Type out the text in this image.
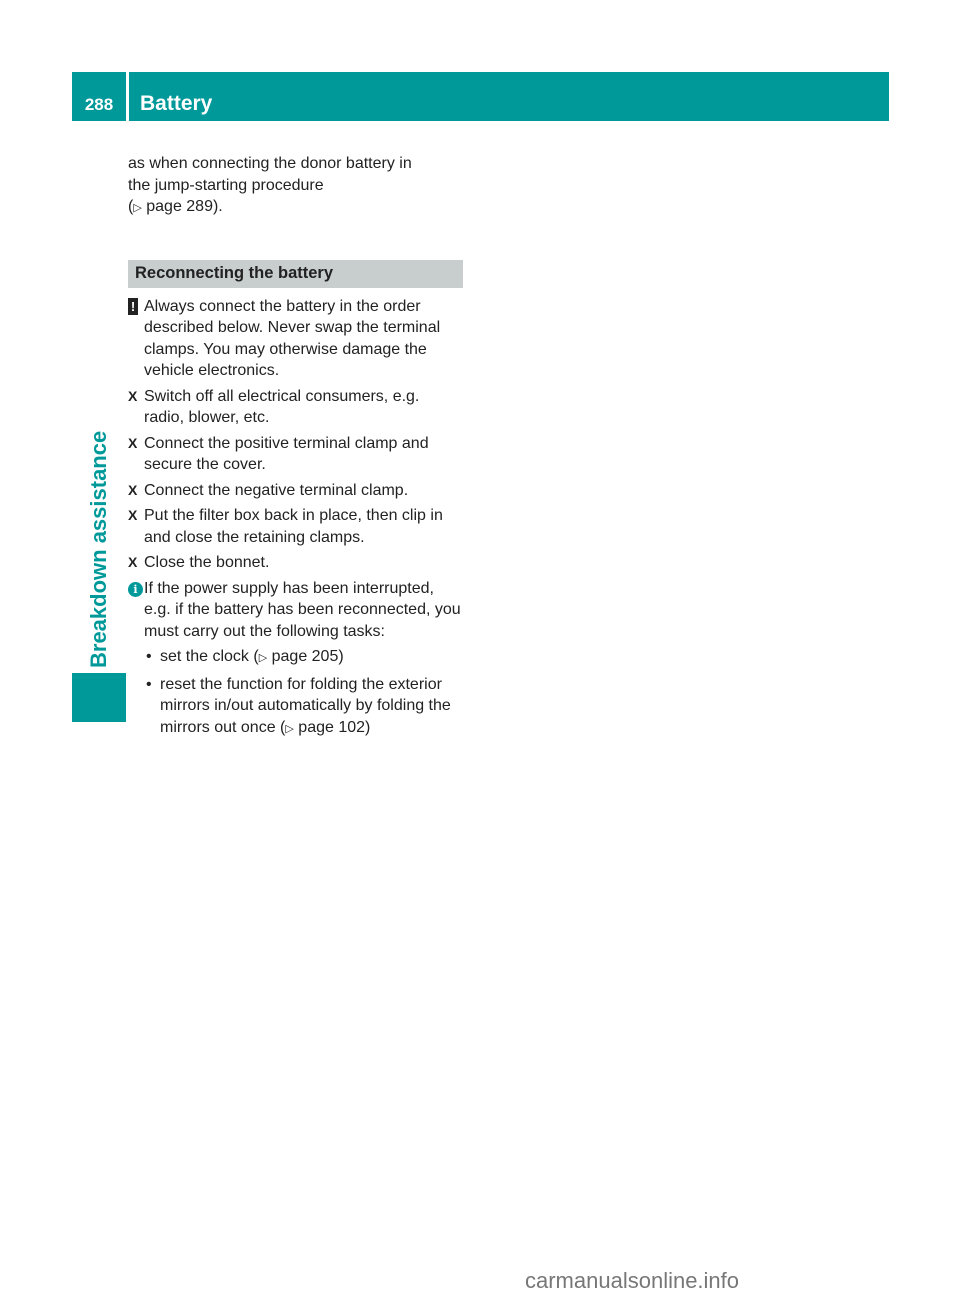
288	Battery
Breakdown assistance

as when connecting the donor battery in

the jump-starting procedure

(▷ page 289).

Reconnecting the battery
! Always connect the battery in the order described below. Never swap the terminal clamps. You may otherwise damage the vehicle electronics.
X Switch off all electrical consumers, e.g. radio, blower, etc.
X Connect the positive terminal clamp and secure the cover.
X Connect the negative terminal clamp.
X Put the filter box back in place, then clip in and close the retaining clamps.
X Close the bonnet.
i If the power supply has been interrupted, e.g. if the battery has been reconnected, you must carry out the following tasks:
• set the clock (▷ page 205)
• reset the function for folding the exterior mirrors in/out automatically by folding the mirrors out once (▷ page 102)
carmanualsonline.info
